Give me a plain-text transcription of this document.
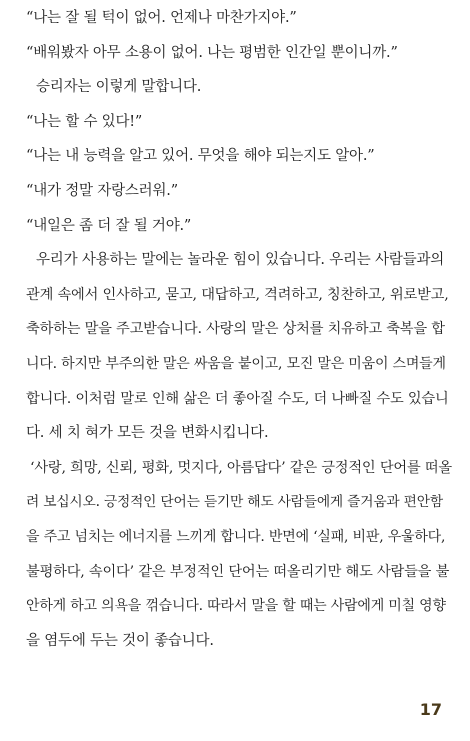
“나는 잘 될 턱이 없어. 언제나 마찬가지야.”
“배워봤자 아무 소용이 없어. 나는 평범한 인간일 뿐이니까.”
승리자는 이렇게 말합니다.
“나는 할 수 있다!”
“나는 내 능력을 알고 있어. 무엇을 해야 되는지도 알아.”
“내가 정말 자랑스러워.”
“내일은 좀 더 잘 될 거야.”
우리가 사용하는 말에는 놀라운 힘이 있습니다. 우리는 사람들과의
관계 속에서 인사하고, 묻고, 대답하고, 격려하고, 칭찬하고, 위로받고,
축하하는 말을 주고받습니다. 사랑의 말은 상처를 치유하고 축복을 합
니다. 하지만 부주의한 말은 싸움을 붙이고, 모진 말은 미움이 스며들게
합니다. 이처럼 말로 인해 삶은 더 좋아질 수도, 더 나빠질 수도 있습니
다. 세 치 혀가 모든 것을 변화시킵니다.
‘사랑, 희망, 신뢰, 평화, 멋지다, 아름답다’ 같은 긍정적인 단어를 떠올
려 보십시오. 긍정적인 단어는 듣기만 해도 사람들에게 즐거움과 편안함
을 주고 넘치는 에너지를 느끼게 합니다. 반면에 ‘실패, 비판, 우울하다,
불평하다, 속이다’ 같은 부정적인 단어는 떠올리기만 해도 사람들을 불
안하게 하고 의욕을 꺾습니다. 따라서 말을 할 때는 사람에게 미칠 영향
을 염두에 두는 것이 좋습니다.
17
